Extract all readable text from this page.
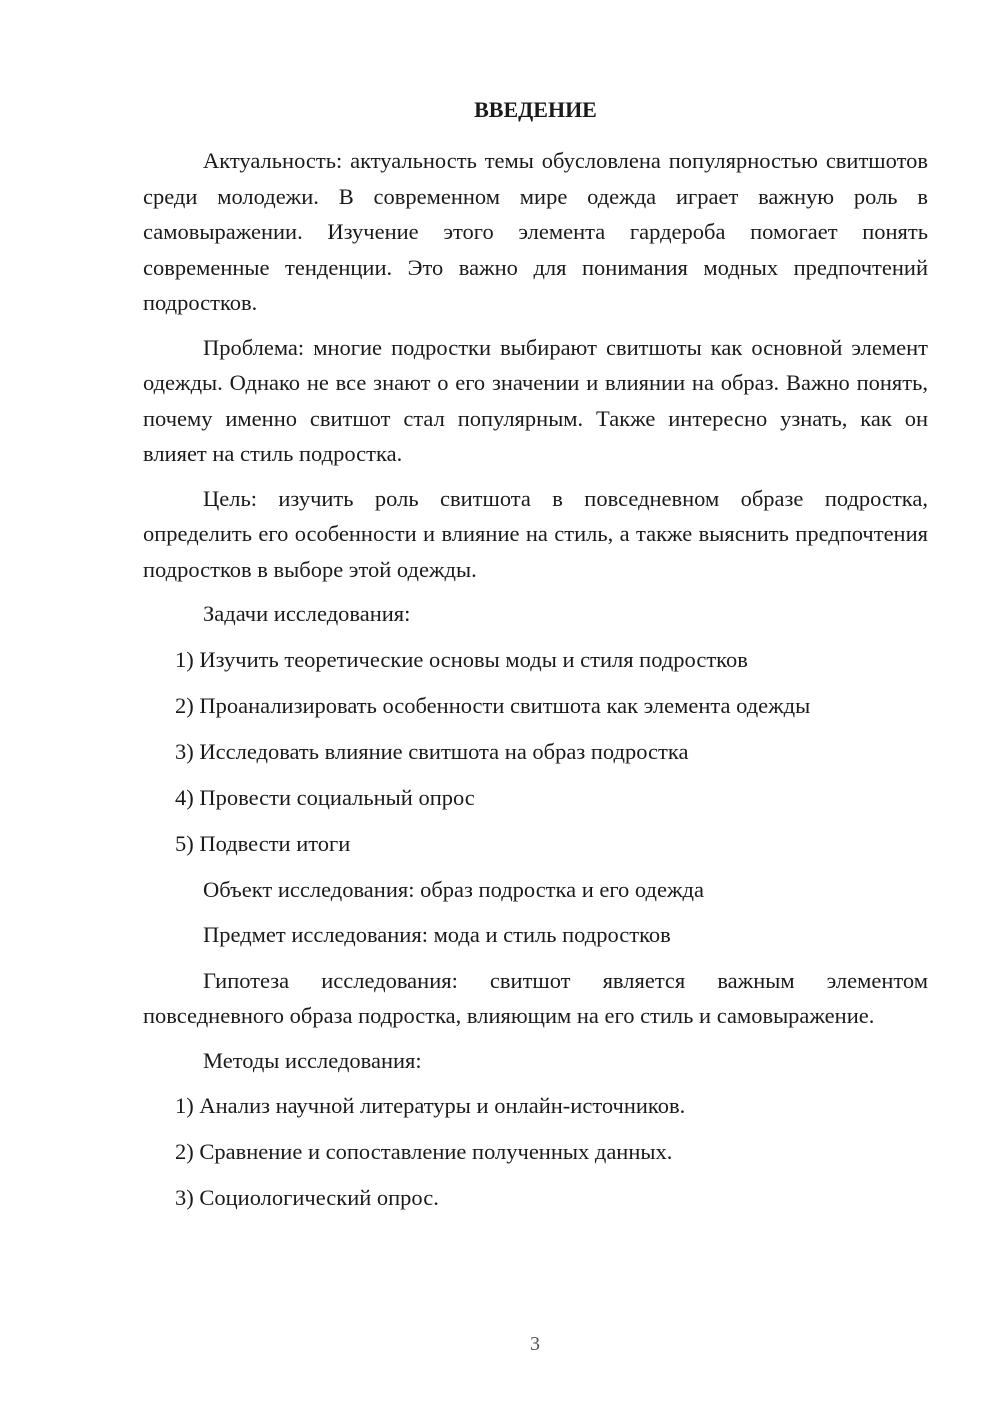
ВВЕДЕНИЕ

Актуальность: актуальность темы обусловлена популярностью свитшотов среди молодежи. В современном мире одежда играет важную роль в самовыражении. Изучение этого элемента гардероба помогает понять современные тенденции. Это важно для понимания модных предпочтений подростков.

Проблема: многие подростки выбирают свитшоты как основной элемент одежды. Однако не все знают о его значении и влиянии на образ. Важно понять, почему именно свитшот стал популярным. Также интересно узнать, как он влияет на стиль подростка.

Цель: изучить роль свитшота в повседневном образе подростка, определить его особенности и влияние на стиль, а также выяснить предпочтения подростков в выборе этой одежды.

Задачи исследования:
1) Изучить теоретические основы моды и стиля подростков
2) Проанализировать особенности свитшота как элемента одежды
3) Исследовать влияние свитшота на образ подростка
4) Провести социальный опрос
5) Подвести итоги
Объект исследования: образ подростка и его одежда
Предмет исследования: мода и стиль подростков

Гипотеза исследования: свитшот является важным элементом повседневного образа подростка, влияющим на его стиль и самовыражение.

Методы исследования:
1) Анализ научной литературы и онлайн-источников.
2) Сравнение и сопоставление полученных данных.
3) Социологический опрос.
3
